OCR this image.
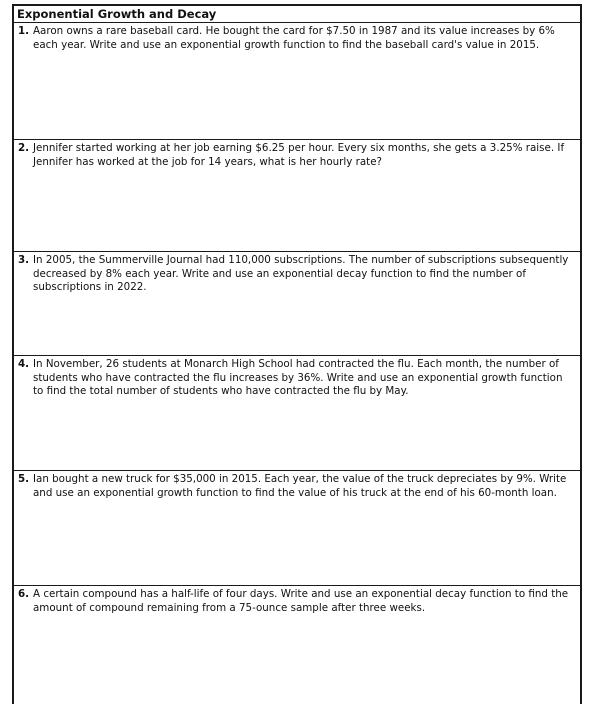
Exponential Growth and Decay
1. Aaron owns a rare baseball card. He bought the card for $7.50 in 1987 and its value increases by 6% each year. Write and use an exponential growth function to find the baseball card's value in 2015.
2. Jennifer started working at her job earning $6.25 per hour. Every six months, she gets a 3.25% raise. If Jennifer has worked at the job for 14 years, what is her hourly rate?
3. In 2005, the Summerville Journal had 110,000 subscriptions. The number of subscriptions subsequently decreased by 8% each year. Write and use an exponential decay function to find the number of subscriptions in 2022.
4. In November, 26 students at Monarch High School had contracted the flu. Each month, the number of students who have contracted the flu increases by 36%. Write and use an exponential growth function to find the total number of students who have contracted the flu by May.
5. Ian bought a new truck for $35,000 in 2015. Each year, the value of the truck depreciates by 9%. Write and use an exponential growth function to find the value of his truck at the end of his 60-month loan.
6. A certain compound has a half-life of four days. Write and use an exponential decay function to find the amount of compound remaining from a 75-ounce sample after three weeks.
